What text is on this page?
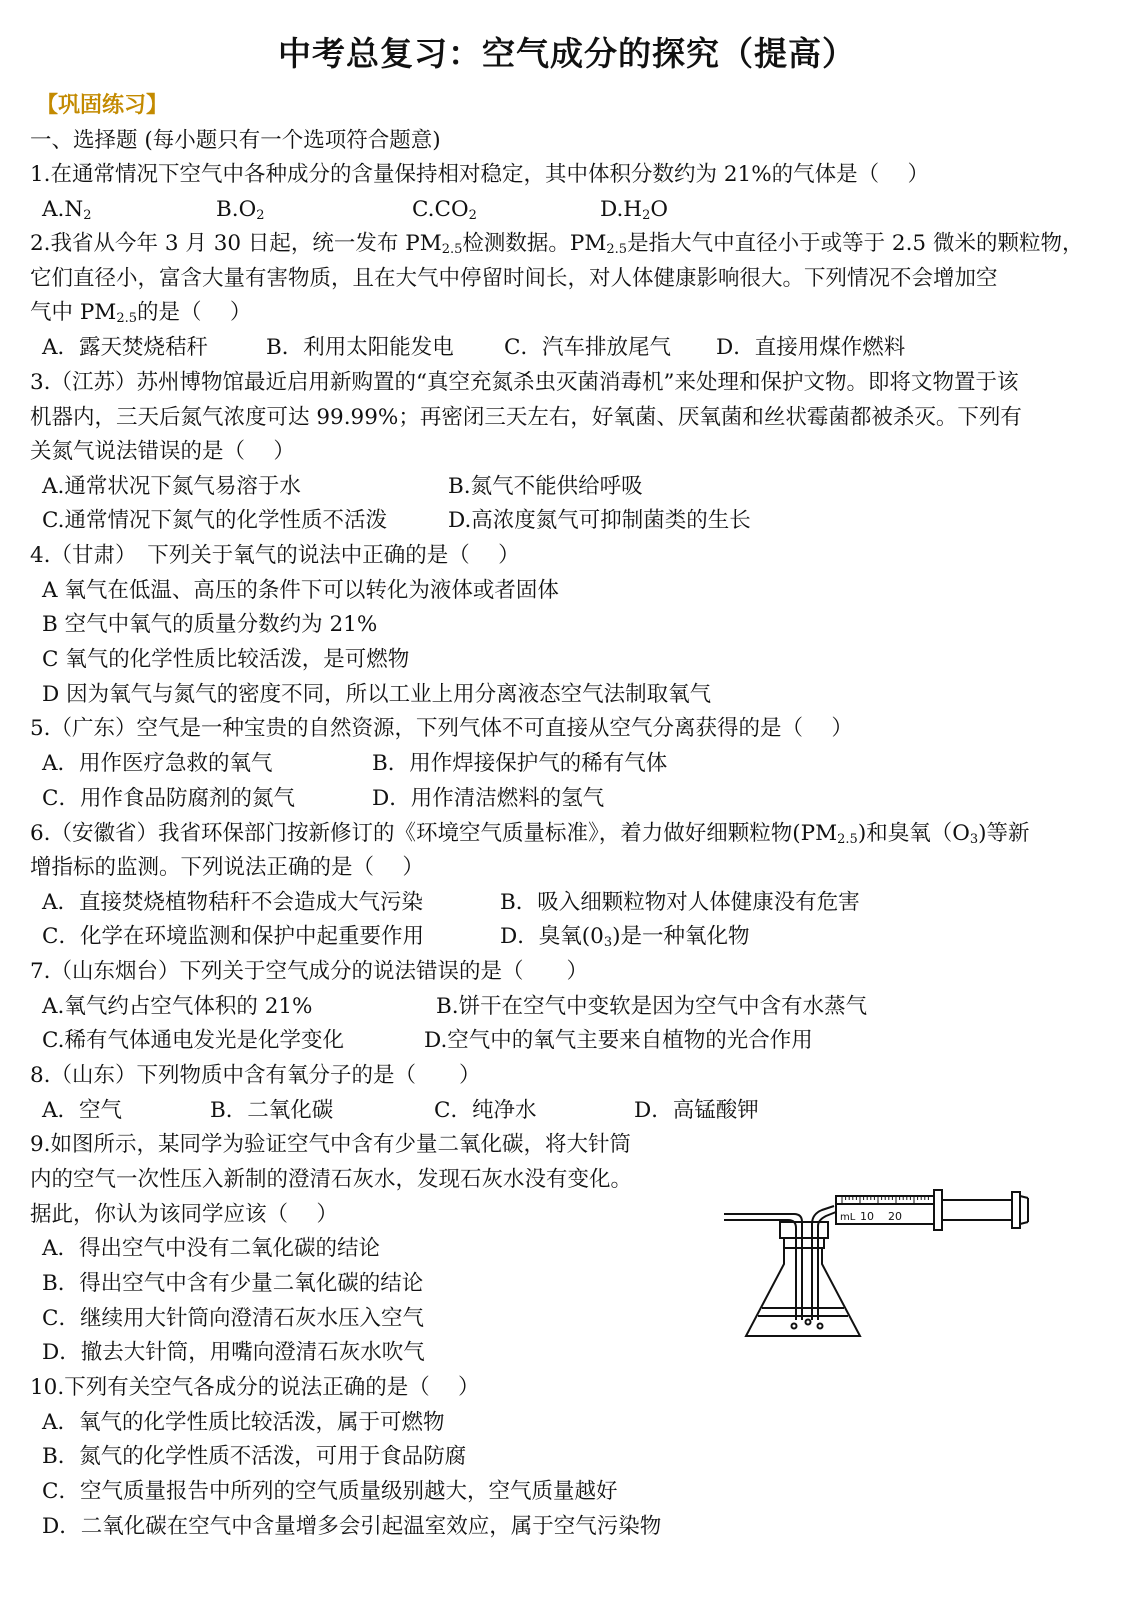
中考总复习：空气成分的探究（提高）
【巩固练习】
一、选择题 (每小题只有一个选项符合题意)
1.在通常情况下空气中各种成分的含量保持相对稳定，其中体积分数约为 21%的气体是（　 ）
$A.N_2$	$B.O_2$	$C.CO_2$	$D.H_2O$
2.我省从今年 3 月 30 日起，统一发布 $PM_{2.5}$检测数据。$PM_{2.5}$是指大气中直径小于或等于 2.5 微米的颗粒物，
它们直径小，富含大量有害物质，且在大气中停留时间长，对人体健康影响很大。下列情况不会增加空
气中 $PM_{2.5}$的是（　 ）
A．露天焚烧秸秆	B．利用太阳能发电 C．汽车排放尾气 D．直接用煤作燃料
3.（江苏）苏州博物馆最近启用新购置的“真空充氮杀虫灭菌消毒机”来处理和保护文物。即将文物置于该
机器内，三天后氮气浓度可达 99.99%；再密闭三天左右，好氧菌、厌氧菌和丝状霉菌都被杀灭。下列有
关氮气说法错误的是（　 ）
A.通常状况下氮气易溶于水	B.氮气不能供给呼吸
C.通常情况下氮气的化学性质不活泼	D.高浓度氮气可抑制菌类的生长
4.（甘肃）　下列关于氧气的说法中正确的是（　 ）
A 氧气在低温、高压的条件下可以转化为液体或者固体
B 空气中氧气的质量分数约为 21%
C 氧气的化学性质比较活泼，是可燃物
D 因为氧气与氮气的密度不同，所以工业上用分离液态空气法制取氧气
5.（广东）空气是一种宝贵的自然资源，下列气体不可直接从空气分离获得的是（　 ）
A．用作医疗急救的氧气	B．用作焊接保护气的稀有气体
C．用作食品防腐剂的氮气	D．用作清洁燃料的氢气
6.（安徽省）我省环保部门按新修订的《环境空气质量标准》，着力做好细颗粒物$(PM_{2.5})$和臭氧$(O_3)$等新
增指标的监测。下列说法正确的是（　 ）
A．直接焚烧植物秸秆不会造成大气污染	B．吸入细颗粒物对人体健康没有危害
C．化学在环境监测和保护中起重要作用	D．臭氧$(0_3)$是一种氧化物
7.（山东烟台）下列关于空气成分的说法错误的是（　　）
A.氧气约占空气体积的 21%	B.饼干在空气中变软是因为空气中含有水蒸气
C.稀有气体通电发光是化学变化	D.空气中的氧气主要来自植物的光合作用
8.（山东）下列物质中含有氧分子的是（　　）
A．空气	B．二氧化碳	C．纯净水	D．高锰酸钾
9.如图所示，某同学为验证空气中含有少量二氧化碳，将大针筒
内的空气一次性压入新制的澄清石灰水，发现石灰水没有变化。
据此，你认为该同学应该（　 ）
A．得出空气中没有二氧化碳的结论
B．得出空气中含有少量二氧化碳的结论
C．继续用大针筒向澄清石灰水压入空气
D．撤去大针筒，用嘴向澄清石灰水吹气
mL 10 20
10.下列有关空气各成分的说法正确的是（　 ）
A．氧气的化学性质比较活泼，属于可燃物
B．氮气的化学性质不活泼，可用于食品防腐
C．空气质量报告中所列的空气质量级别越大，空气质量越好
D．二氧化碳在空气中含量增多会引起温室效应，属于空气污染物
